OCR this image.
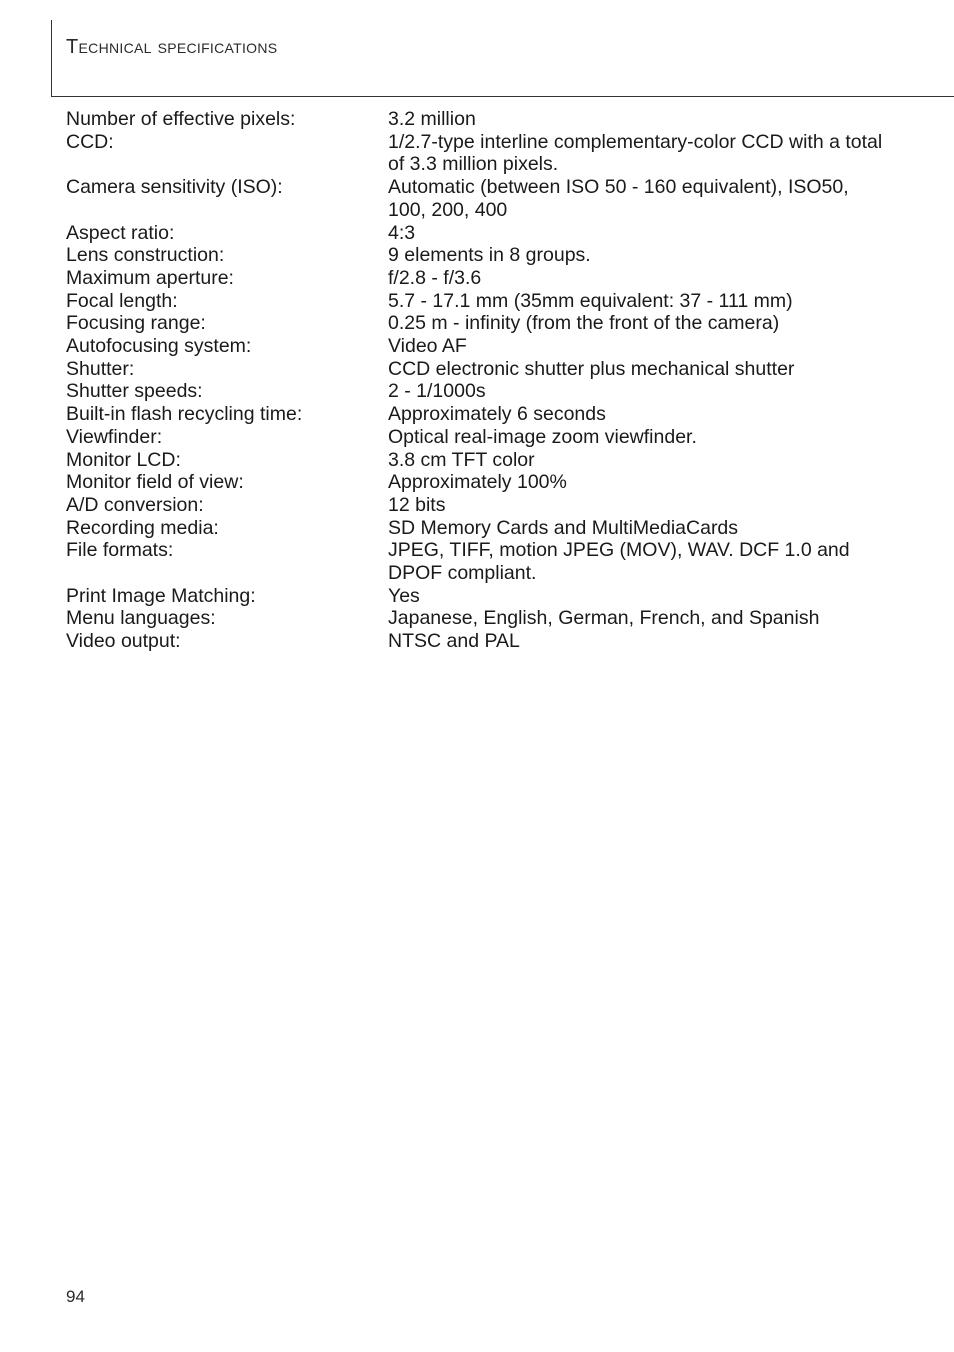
Technical specifications
Number of effective pixels:	3.2 million
CCD:	1/2.7-type interline complementary-color CCD with a total of 3.3 million pixels.
Camera sensitivity (ISO):	Automatic (between ISO 50 - 160 equivalent), ISO50, 100, 200, 400
Aspect ratio:	4:3
Lens construction:	9 elements in 8 groups.
Maximum aperture:	f/2.8 - f/3.6
Focal length:	5.7 - 17.1 mm (35mm equivalent: 37 - 111 mm)
Focusing range:	0.25 m - infinity (from the front of the camera)
Autofocusing system:	Video AF
Shutter:	CCD electronic shutter plus mechanical shutter
Shutter speeds:	2 - 1/1000s
Built-in flash recycling time:	Approximately 6 seconds
Viewfinder:	Optical real-image zoom viewfinder.
Monitor LCD:	3.8 cm TFT color
Monitor field of view:	Approximately 100%
A/D conversion:	12 bits
Recording media:	SD Memory Cards and MultiMediaCards
File formats:	JPEG, TIFF, motion JPEG (MOV), WAV. DCF 1.0 and DPOF compliant.
Print Image Matching:	Yes
Menu languages:	Japanese, English, German, French, and Spanish
Video output:	NTSC and PAL
94
